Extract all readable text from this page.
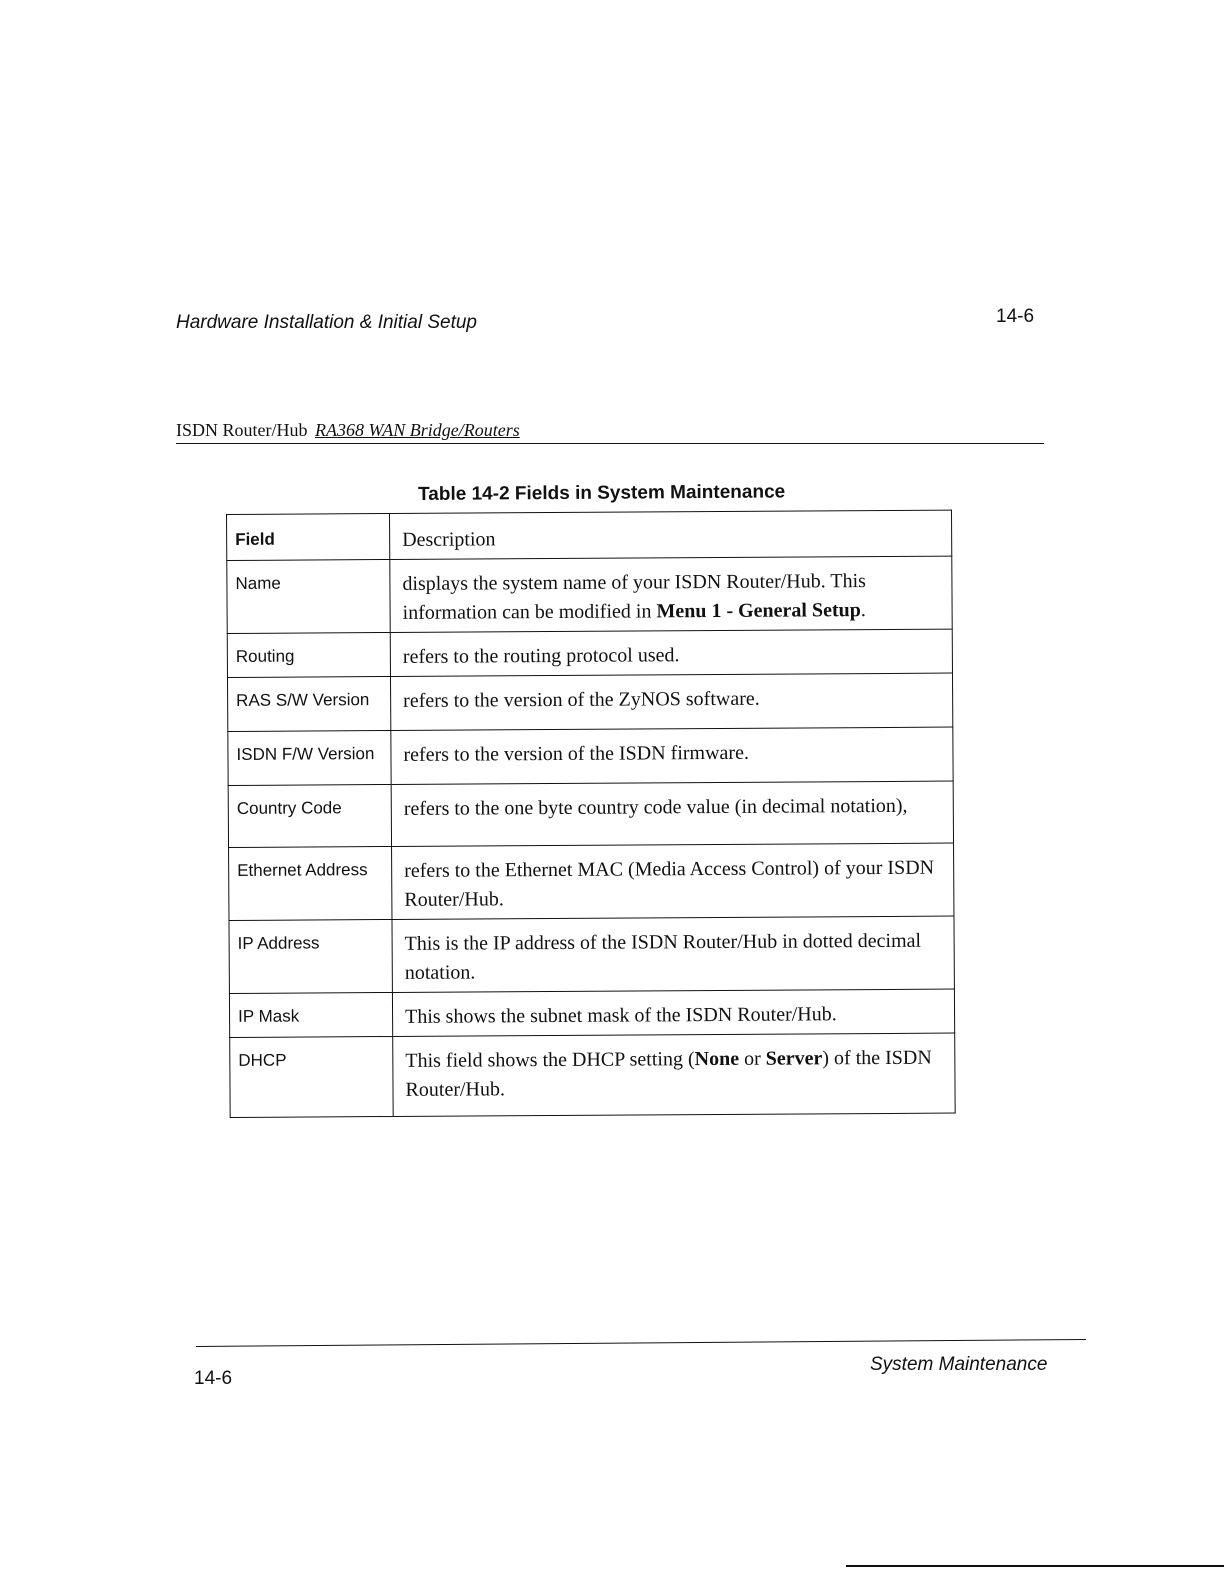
Hardware Installation & Initial Setup	14-6
ISDN Router/Hub RA368 WAN Bridge/Routers
Table 14-2 Fields in System Maintenance
Field	Description
Name	displays the system name of your ISDN Router/Hub. This information can be modified in Menu 1 - General Setup.
Routing	refers to the routing protocol used.
RAS S/W Version	refers to the version of the ZyNOS software.
ISDN F/W Version	refers to the version of the ISDN firmware.
Country Code	refers to the one byte country code value (in decimal notation),
Ethernet Address	refers to the Ethernet MAC (Media Access Control) of your ISDN Router/Hub.
IP Address	This is the IP address of the ISDN Router/Hub in dotted decimal notation.
IP Mask	This shows the subnet mask of the ISDN Router/Hub.
DHCP	This field shows the DHCP setting (None or Server) of the ISDN Router/Hub.
14-6
System Maintenance
